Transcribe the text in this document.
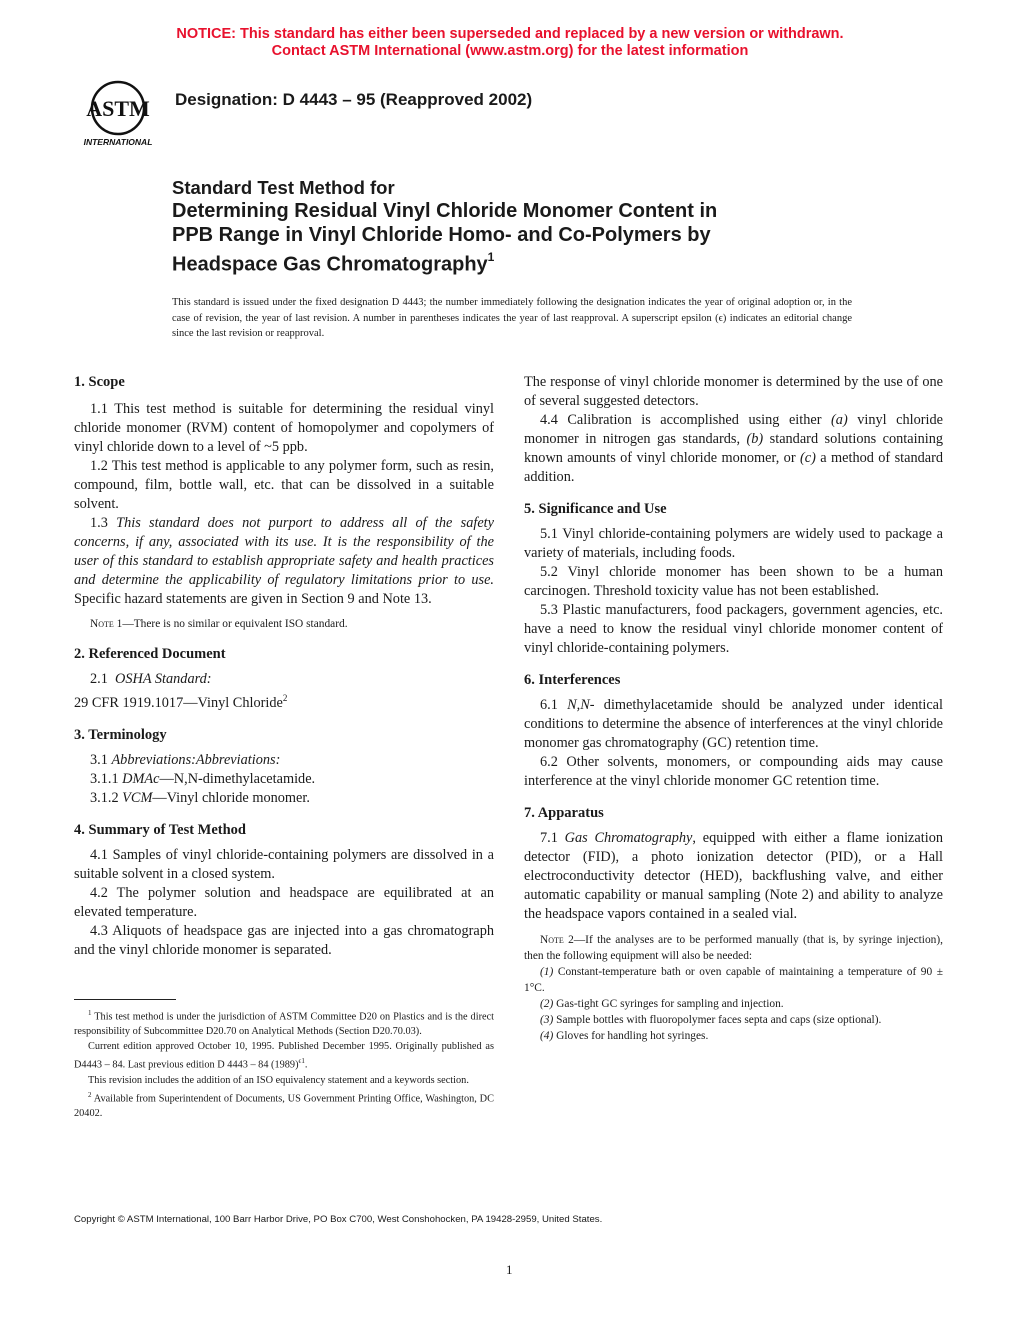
NOTICE: This standard has either been superseded and replaced by a new version or withdrawn.
Contact ASTM International (www.astm.org) for the latest information
ASTM
INTERNATIONAL
Designation: D 4443 – 95 (Reapproved 2002)
Standard Test Method for
Determining Residual Vinyl Chloride Monomer Content in
PPB Range in Vinyl Chloride Homo- and Co-Polymers by
Headspace Gas Chromatography$^1$
This standard is issued under the fixed designation D 4443; the number immediately following the designation indicates the year of original adoption or, in the case of revision, the year of last revision. A number in parentheses indicates the year of last reapproval. A superscript epsilon (ϵ) indicates an editorial change since the last revision or reapproval.
1. Scope

1.1 This test method is suitable for determining the residual vinyl chloride monomer (RVM) content of homopolymer and copolymers of vinyl chloride down to a level of ~5 ppb.

1.2 This test method is applicable to any polymer form, such as resin, compound, film, bottle wall, etc. that can be dissolved in a suitable solvent.

1.3 This standard does not purport to address all of the safety concerns, if any, associated with its use. It is the responsibility of the user of this standard to establish appropriate safety and health practices and determine the applicability of regulatory limitations prior to use. Specific hazard statements are given in Section 9 and Note 13.

Note 1—There is no similar or equivalent ISO standard.

2. Referenced Document

2.1 OSHA Standard:

29 CFR 1919.1017—Vinyl Chloride$^2$

3. Terminology

3.1 Abbreviations:Abbreviations:

3.1.1 DMAc—N,N-dimethylacetamide.

3.1.2 VCM—Vinyl chloride monomer.

4. Summary of Test Method

4.1 Samples of vinyl chloride-containing polymers are dissolved in a suitable solvent in a closed system.

4.2 The polymer solution and headspace are equilibrated at an elevated temperature.

4.3 Aliquots of headspace gas are injected into a gas chromatograph and the vinyl chloride monomer is separated.

The response of vinyl chloride monomer is determined by the use of one of several suggested detectors.

4.4 Calibration is accomplished using either (a) vinyl chloride monomer in nitrogen gas standards, (b) standard solutions containing known amounts of vinyl chloride monomer, or (c) a method of standard addition.

5. Significance and Use

5.1 Vinyl chloride-containing polymers are widely used to package a variety of materials, including foods.

5.2 Vinyl chloride monomer has been shown to be a human carcinogen. Threshold toxicity value has not been established.

5.3 Plastic manufacturers, food packagers, government agencies, etc. have a need to know the residual vinyl chloride monomer content of vinyl chloride-containing polymers.

6. Interferences

6.1 N,N- dimethylacetamide should be analyzed under identical conditions to determine the absence of interferences at the vinyl chloride monomer gas chromatography (GC) retention time.

6.2 Other solvents, monomers, or compounding aids may cause interference at the vinyl chloride monomer GC retention time.

7. Apparatus

7.1 Gas Chromatography, equipped with either a flame ionization detector (FID), a photo ionization detector (PID), or a Hall electroconductivity detector (HED), backflushing valve, and either automatic capability or manual sampling (Note 2) and ability to analyze the headspace vapors contained in a sealed vial.

Note 2—If the analyses are to be performed manually (that is, by syringe injection), then the following equipment will also be needed:

(1) Constant-temperature bath or oven capable of maintaining a temperature of 90 ± 1°C.

(2) Gas-tight GC syringes for sampling and injection.

(3) Sample bottles with fluoropolymer faces septa and caps (size optional).

(4) Gloves for handling hot syringes.

$^1$ This test method is under the jurisdiction of ASTM Committee D20 on Plastics and is the direct responsibility of Subcommittee D20.70 on Analytical Methods (Section D20.70.03).

Current edition approved October 10, 1995. Published December 1995. Originally published as D4443 – 84. Last previous edition D 4443 – 84 $(1989)^{\epsilon 1}$.

This revision includes the addition of an ISO equivalency statement and a keywords section.

$^2$ Available from Superintendent of Documents, US Government Printing Office, Washington, DC 20402.

Copyright © ASTM International, 100 Barr Harbor Drive, PO Box C700, West Conshohocken, PA 19428-2959, United States.
1
